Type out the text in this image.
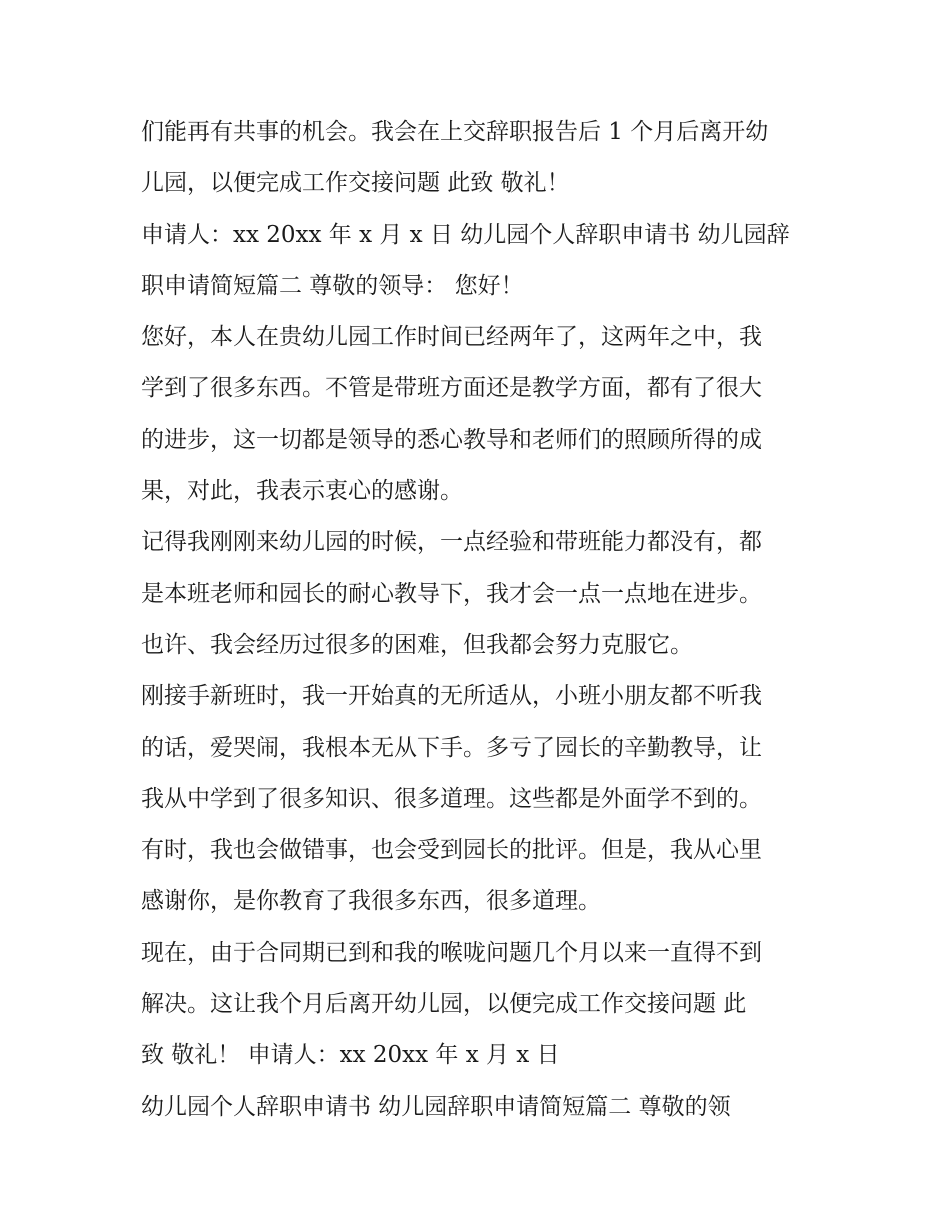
们能再有共事的机会。我会在上交辞职报告后 1 个月后离开幼
儿园，以便完成工作交接问题 此致 敬礼！
申请人：xx 20xx 年 x 月 x 日 幼儿园个人辞职申请书 幼儿园辞
职申请简短篇二 尊敬的领导： 您好！
您好，本人在贵幼儿园工作时间已经两年了，这两年之中，我
学到了很多东西。不管是带班方面还是教学方面，都有了很大
的进步，这一切都是领导的悉心教导和老师们的照顾所得的成
果，对此，我表示衷心的感谢。
记得我刚刚来幼儿园的时候，一点经验和带班能力都没有，都
是本班老师和园长的耐心教导下，我才会一点一点地在进步。
也许、我会经历过很多的困难，但我都会努力克服它。
刚接手新班时，我一开始真的无所适从，小班小朋友都不听我
的话，爱哭闹，我根本无从下手。多亏了园长的辛勤教导，让
我从中学到了很多知识、很多道理。这些都是外面学不到的。
有时，我也会做错事，也会受到园长的批评。但是，我从心里
感谢你，是你教育了我很多东西，很多道理。
现在，由于合同期已到和我的喉咙问题几个月以来一直得不到
解决。这让我个月后离开幼儿园，以便完成工作交接问题 此
致 敬礼！ 申请人：xx 20xx 年 x 月 x 日
幼儿园个人辞职申请书 幼儿园辞职申请简短篇二 尊敬的领
